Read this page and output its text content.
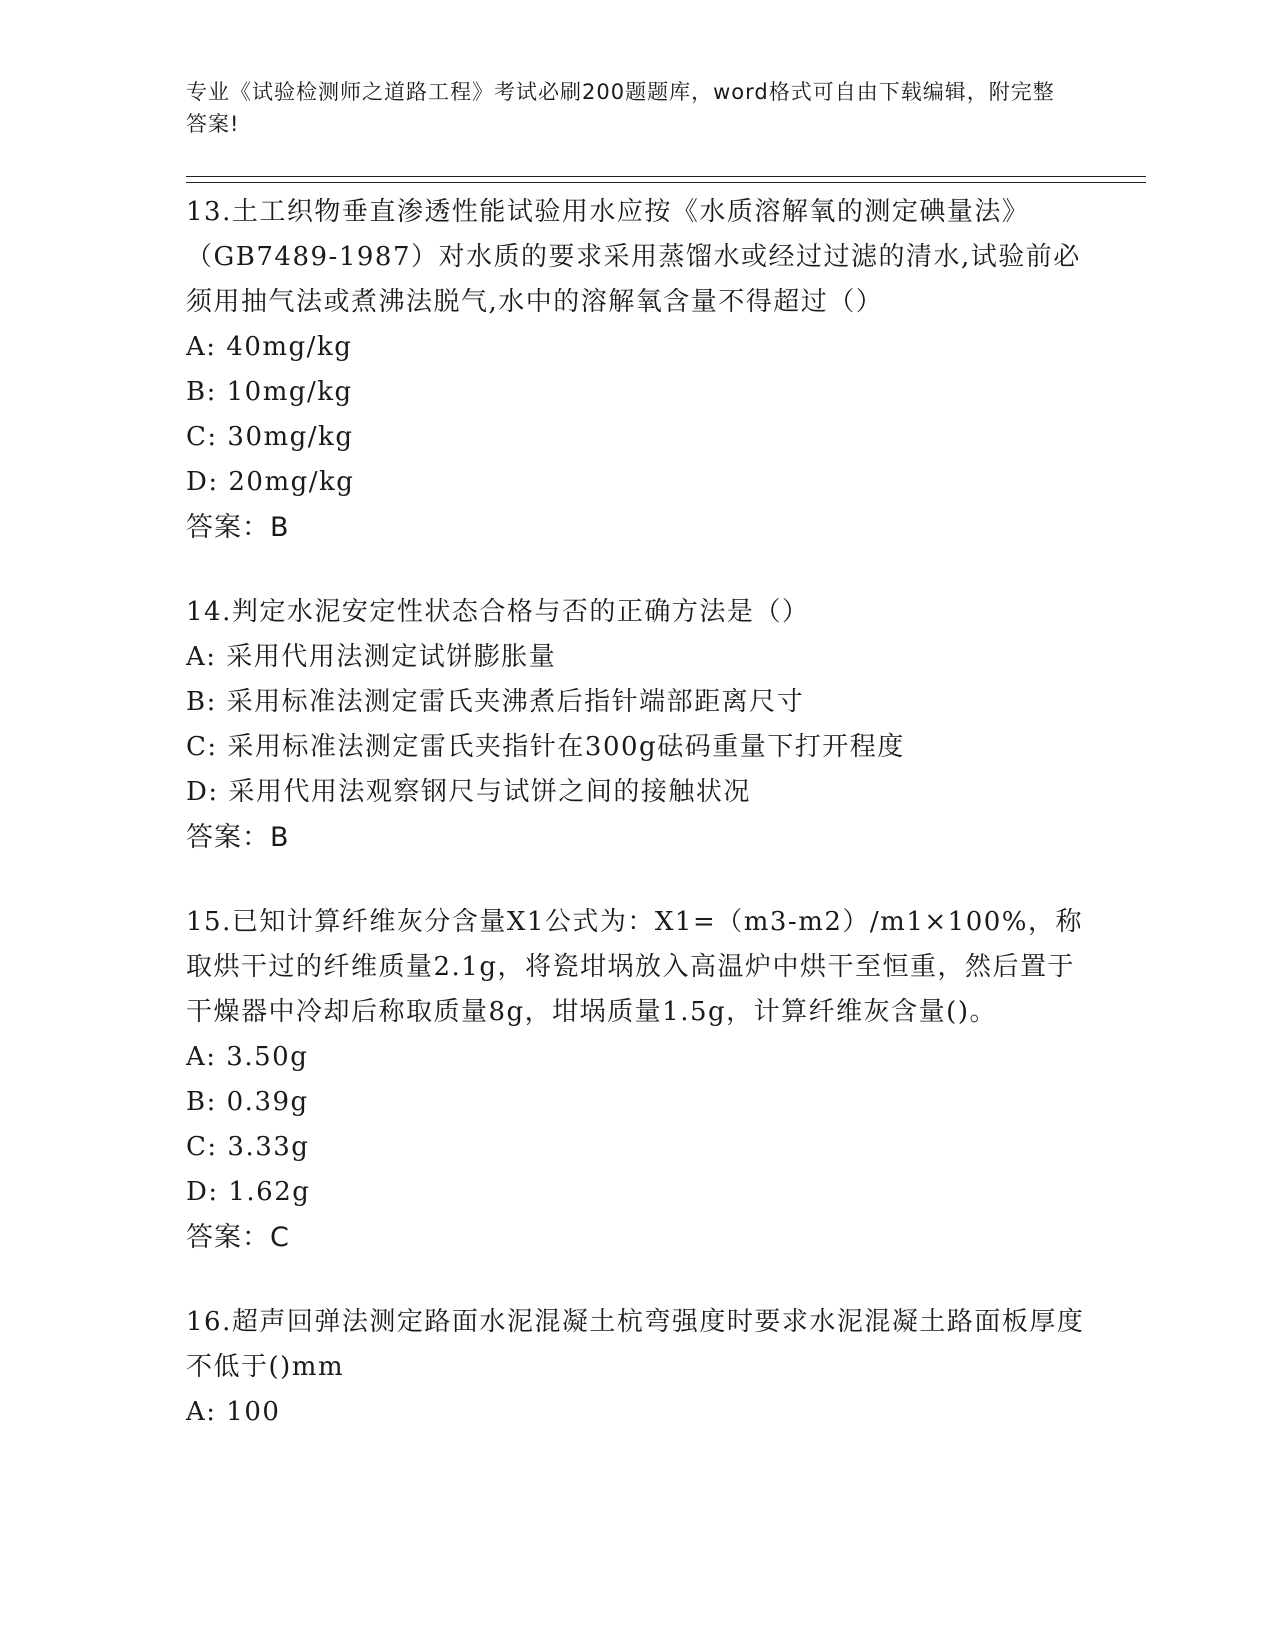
专业《试验检测师之道路工程》考试必刷200题题库，word格式可自由下载编辑，附完整答案!

13.土工织物垂直渗透性能试验用水应按《水质溶解氧的测定碘量法》（GB7489-1987）对水质的要求采用蒸馏水或经过过滤的清水,试验前必须用抽气法或煮沸法脱气,水中的溶解氧含量不得超过（）

A: 40mg/kg

B: 10mg/kg

C: 30mg/kg

D: 20mg/kg

答案：B

14.判定水泥安定性状态合格与否的正确方法是（）

A: 采用代用法测定试饼膨胀量

B: 采用标准法测定雷氏夹沸煮后指针端部距离尺寸

C: 采用标准法测定雷氏夹指针在300g砝码重量下打开程度

D: 采用代用法观察钢尺与试饼之间的接触状况

答案：B

15.已知计算纤维灰分含量X1公式为：X1=（m3-m2）/m1×100%，称取烘干过的纤维质量2.1g，将瓷坩埚放入高温炉中烘干至恒重，然后置于干燥器中冷却后称取质量8g，坩埚质量1.5g，计算纤维灰含量()。

A: 3.50g

B: 0.39g

C: 3.33g

D: 1.62g

答案：C

16.超声回弹法测定路面水泥混凝土杭弯强度时要求水泥混凝土路面板厚度不低于()mm

A: 100
